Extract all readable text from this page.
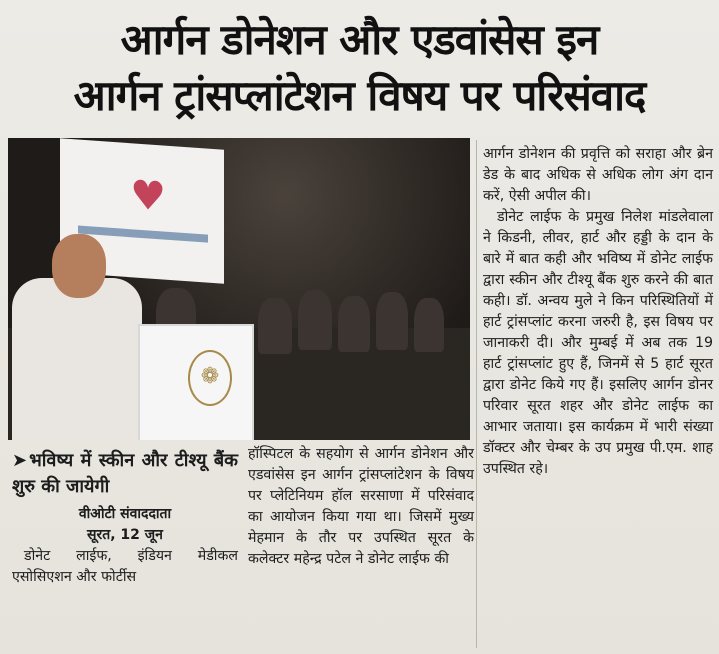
आर्गन डोनेशन और एडवांसेस इन
आर्गन ट्रांसप्लांटेशन विषय पर परिसंवाद
♥
❁
➤ भविष्य में स्कीन और टीश्यू बैंक शुरु की जायेगी
वीओटी संवाददाता
सूरत, 12 जून

डोनेट लाईफ, इंडियन मेडीकल एसोसिएशन और फोर्टीस

हॉस्पिटल के सहयोग से आर्गन डोनेशन और एडवांसेस इन आर्गन ट्रांसप्लांटेशन के विषय पर प्लेटिनियम हॉल सरसाणा में परिसंवाद का आयोजन किया गया था। जिसमें मुख्य मेहमान के तौर पर उपस्थित सूरत के कलेक्टर महेन्द्र पटेल ने डोनेट लाईफ की

आर्गन डोनेशन की प्रवृत्ति को सराहा और ब्रेन डेड के बाद अधिक से अधिक लोग अंग दान करें, ऐसी अपील की।

डोनेट लाईफ के प्रमुख निलेश मांडलेवाला ने किडनी, लीवर, हार्ट और हड्डी के दान के बारे में बात कही और भविष्य में डोनेट लाईफ द्वारा स्कीन और टीश्यू बैंक शुरु करने की बात कही। डॉ. अन्वय मुले ने किन परिस्थितियों में हार्ट ट्रांसप्लांट करना जरुरी है, इस विषय पर जानाकरी दी। और मुम्बई में अब तक 19 हार्ट ट्रांसप्लांट हुए हैं, जिनमें से 5 हार्ट सूरत द्वारा डोनेट किये गए हैं। इसलिए आर्गन डोनर परिवार सूरत शहर और डोनेट लाईफ का आभार जताया। इस कार्यक्रम में भारी संख्या डॉक्टर और चेम्बर के उप प्रमुख पी.एम. शाह उपस्थित रहे।
